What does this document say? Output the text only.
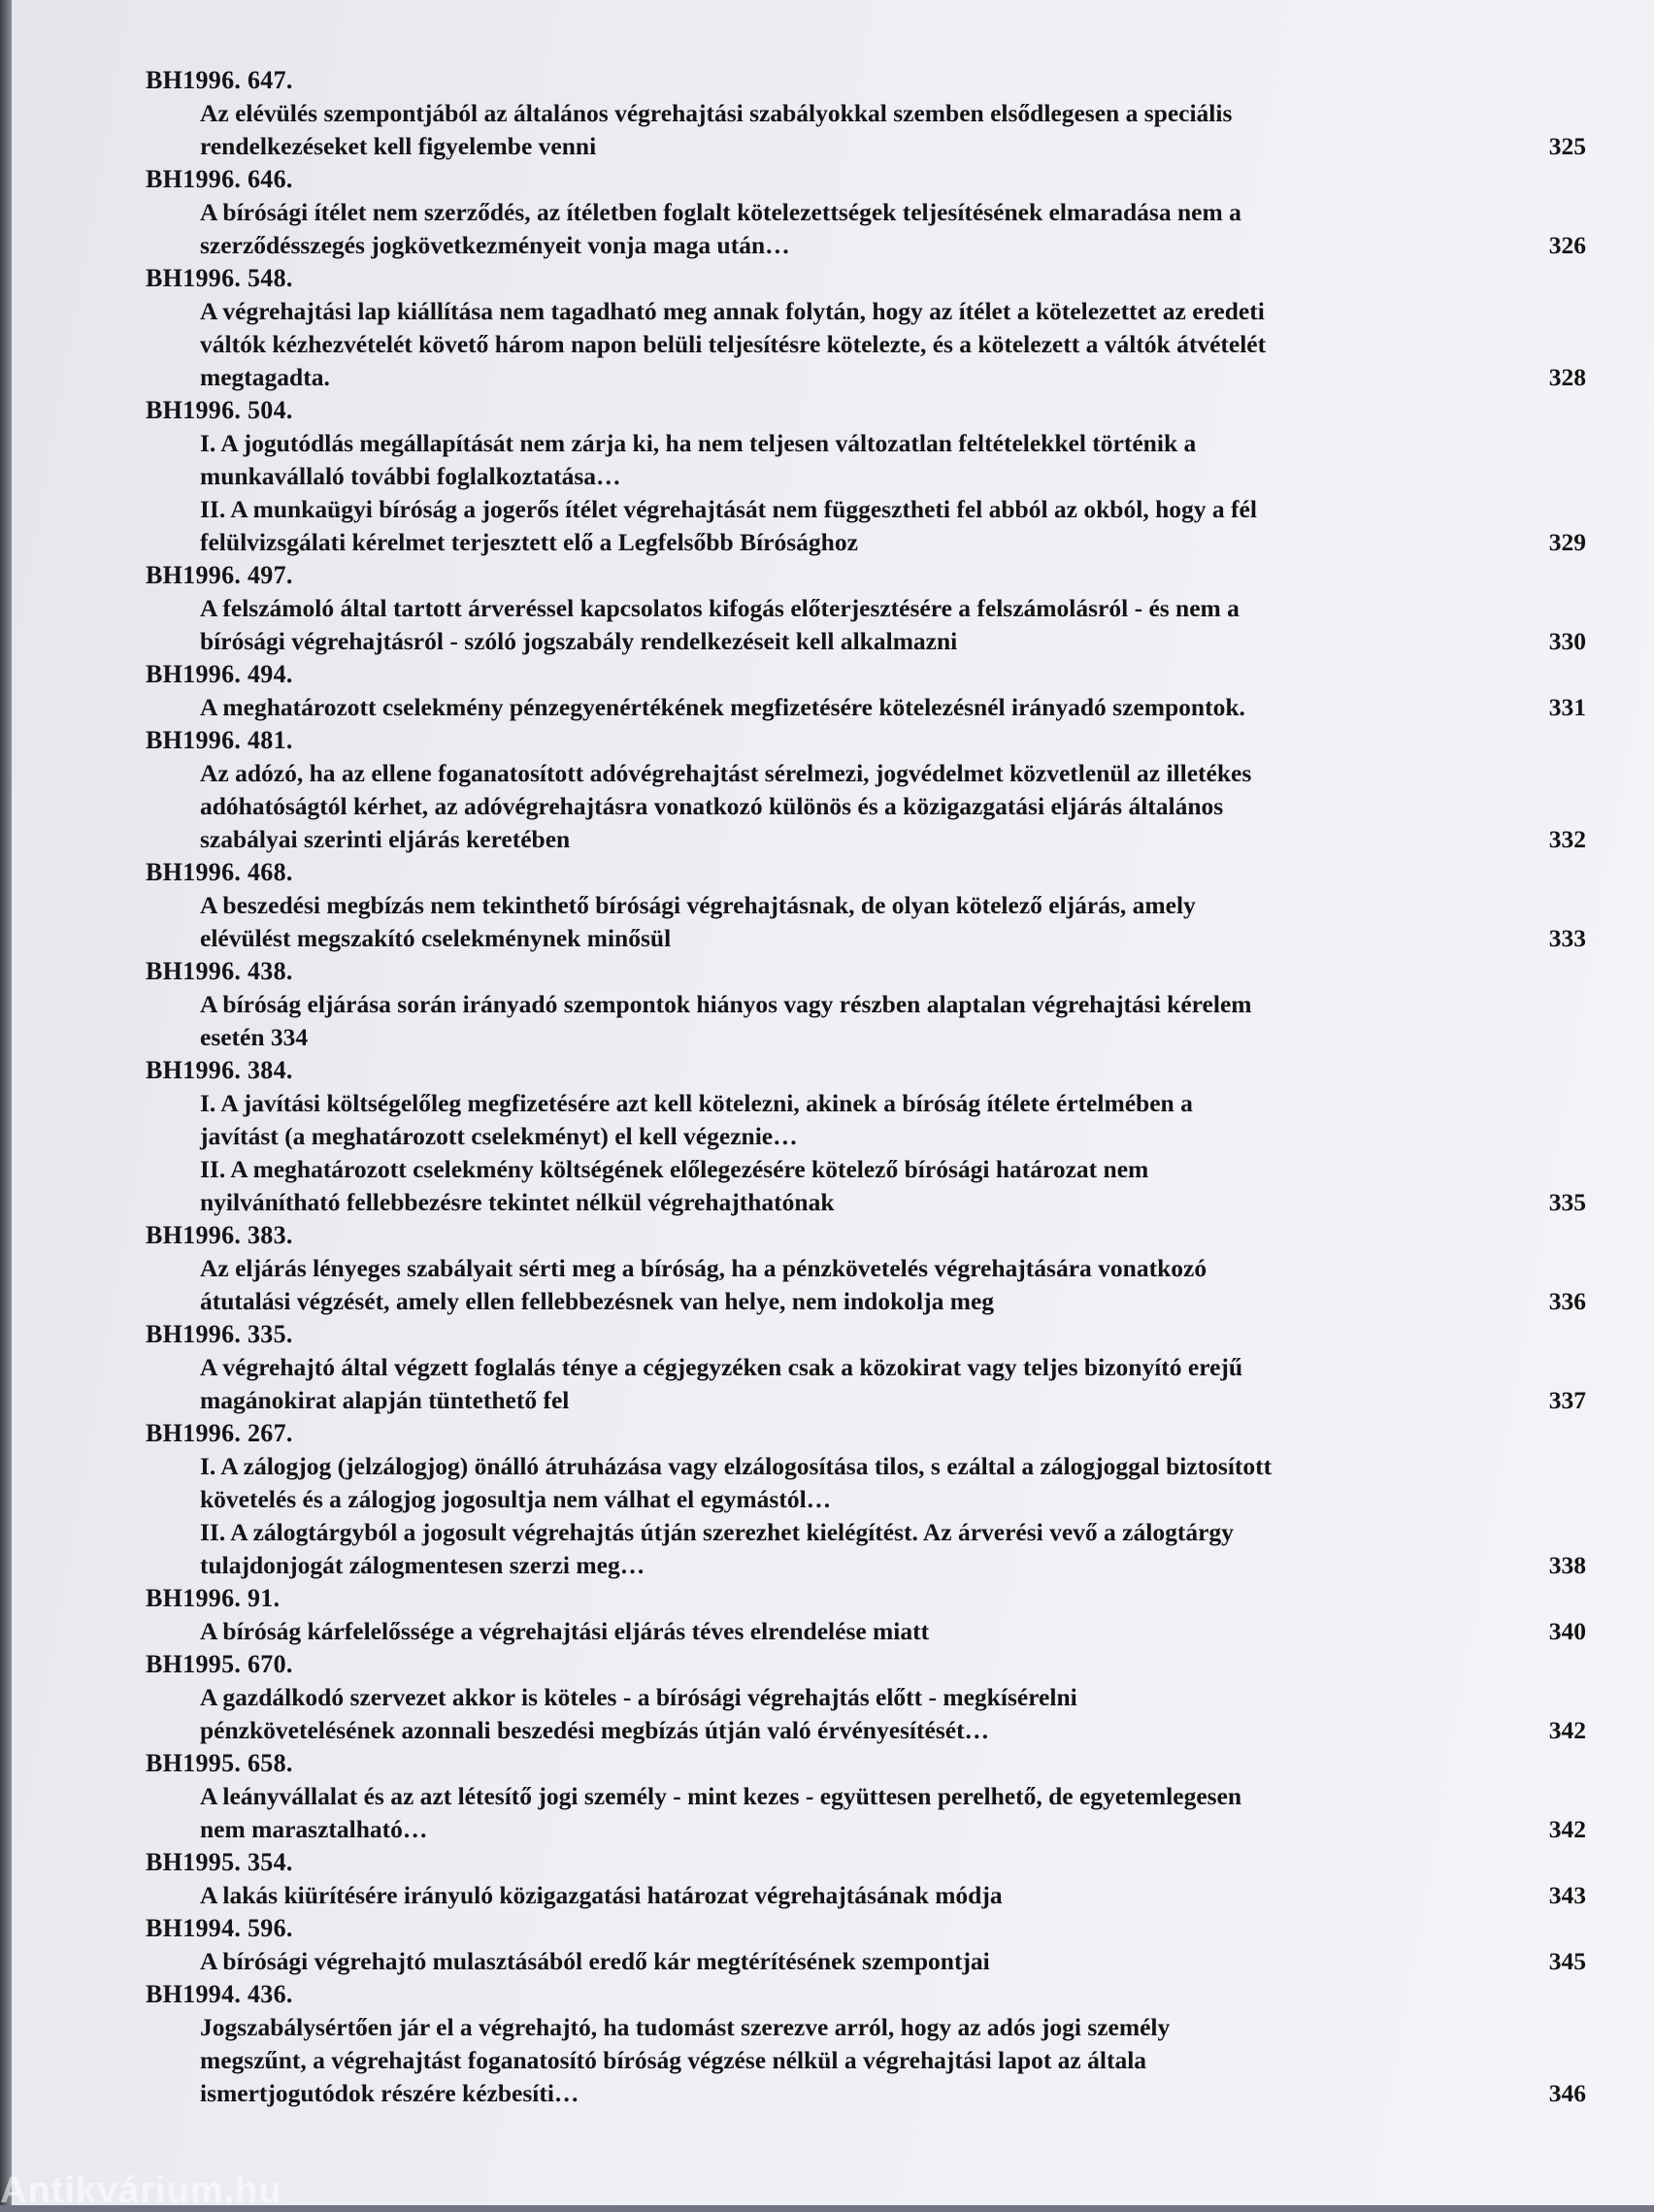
BH1996. 647.
Az elévülés szempontjából az általános végrehajtási szabályokkal szemben elsődlegesen a speciális
rendelkezéseket kell figyelembe venni	325
BH1996. 646.
A bírósági ítélet nem szerződés, az ítéletben foglalt kötelezettségek teljesítésének elmaradása nem a
szerződésszegés jogkövetkezményeit vonja maga után…	326
BH1996. 548.
A végrehajtási lap kiállítása nem tagadható meg annak folytán, hogy az ítélet a kötelezettet az eredeti
váltók kézhezvételét követő három napon belüli teljesítésre kötelezte, és a kötelezett a váltók átvételét
megtagadta.	328
BH1996. 504.
I. A jogutódlás megállapítását nem zárja ki, ha nem teljesen változatlan feltételekkel történik a
munkavállaló további foglalkoztatása…
II. A munkaügyi bíróság a jogerős ítélet végrehajtását nem függesztheti fel abból az okból, hogy a fél
felülvizsgálati kérelmet terjesztett elő a Legfelsőbb Bírósághoz	329
BH1996. 497.
A felszámoló által tartott árveréssel kapcsolatos kifogás előterjesztésére a felszámolásról - és nem a
bírósági végrehajtásról - szóló jogszabály rendelkezéseit kell alkalmazni	330
BH1996. 494.
A meghatározott cselekmény pénzegyenértékének megfizetésére kötelezésnél irányadó szempontok.	331
BH1996. 481.
Az adózó, ha az ellene foganatosított adóvégrehajtást sérelmezi, jogvédelmet közvetlenül az illetékes
adóhatóságtól kérhet, az adóvégrehajtásra vonatkozó különös és a közigazgatási eljárás általános
szabályai szerinti eljárás keretében	332
BH1996. 468.
A beszedési megbízás nem tekinthető bírósági végrehajtásnak, de olyan kötelező eljárás, amely
elévülést megszakító cselekménynek minősül	333
BH1996. 438.
A bíróság eljárása során irányadó szempontok hiányos vagy részben alaptalan végrehajtási kérelem
esetén 334
BH1996. 384.
I. A javítási költségelőleg megfizetésére azt kell kötelezni, akinek a bíróság ítélete értelmében a
javítást (a meghatározott cselekményt) el kell végeznie…
II. A meghatározott cselekmény költségének előlegezésére kötelező bírósági határozat nem
nyilvánítható fellebbezésre tekintet nélkül végrehajthatónak	335
BH1996. 383.
Az eljárás lényeges szabályait sérti meg a bíróság, ha a pénzkövetelés végrehajtására vonatkozó
átutalási végzését, amely ellen fellebbezésnek van helye, nem indokolja meg	336
BH1996. 335.
A végrehajtó által végzett foglalás ténye a cégjegyzéken csak a közokirat vagy teljes bizonyító erejű
magánokirat alapján tüntethető fel	337
BH1996. 267.
I. A zálogjog (jelzálogjog) önálló átruházása vagy elzálogosítása tilos, s ezáltal a zálogjoggal biztosított
követelés és a zálogjog jogosultja nem válhat el egymástól…
II. A zálogtárgyból a jogosult végrehajtás útján szerezhet kielégítést. Az árverési vevő a zálogtárgy
tulajdonjogát zálogmentesen szerzi meg…	338
BH1996. 91.
A bíróság kárfelelőssége a végrehajtási eljárás téves elrendelése miatt	340
BH1995. 670.
A gazdálkodó szervezet akkor is köteles - a bírósági végrehajtás előtt - megkísérelni
pénzkövetelésének azonnali beszedési megbízás útján való érvényesítését…	342
BH1995. 658.
A leányvállalat és az azt létesítő jogi személy - mint kezes - együttesen perelhető, de egyetemlegesen
nem marasztalható…	342
BH1995. 354.
A lakás kiürítésére irányuló közigazgatási határozat végrehajtásának módja	343
BH1994. 596.
A bírósági végrehajtó mulasztásából eredő kár megtérítésének szempontjai	345
BH1994. 436.
Jogszabálysértően jár el a végrehajtó, ha tudomást szerezve arról, hogy az adós jogi személy
megszűnt, a végrehajtást foganatosító bíróság végzése nélkül a végrehajtási lapot az általa
ismertjogutódok részére kézbesíti…	346
Antikvárium.hu
